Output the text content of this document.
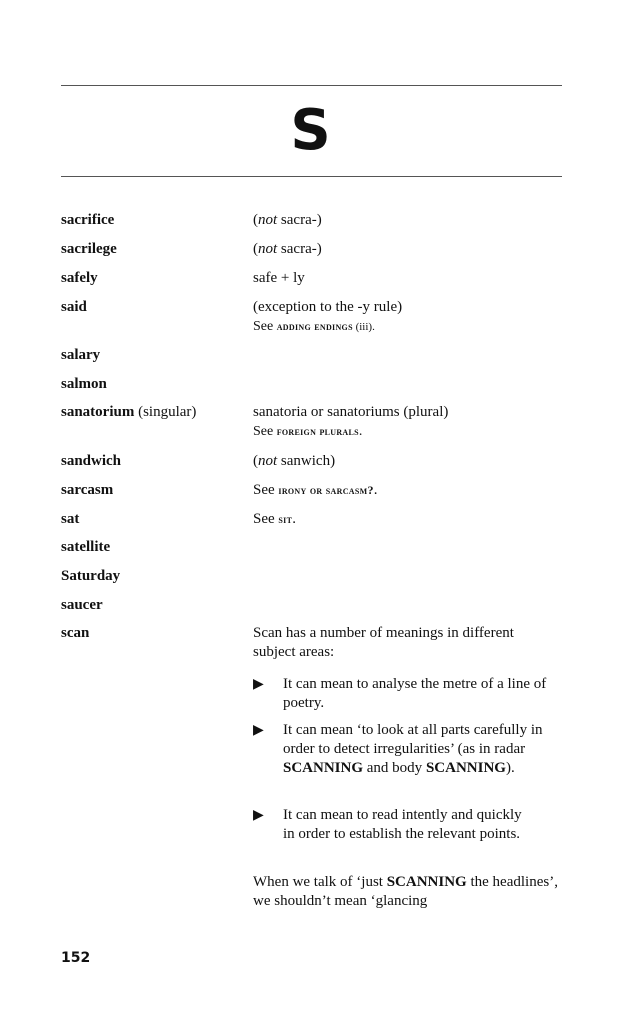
S
sacrifice	(not sacra-)
sacrilege	(not sacra-)
safely	safe + ly
said	(exception to the -y rule)
See adding endings (iii).
salary
salmon
sanatorium (singular)	sanatoria or sanatoriums (plural)
See foreign plurals.
sandwich	(not sanwich)
sarcasm	See irony or sarcasm?.
sat	See sit.
satellite
Saturday
saucer
scan	Scan has a number of meanings in different subject areas:
▶ It can mean to analyse the metre of a line of poetry.
▶ It can mean ‘to look at all parts carefully in order to detect irregularities’ (as in radar SCANNING and body SCANNING).
▶ It can mean to read intently and quickly in order to establish the relevant points.
When we talk of ‘just SCANNING the headlines’, we shouldn’t mean ‘glancing
152
